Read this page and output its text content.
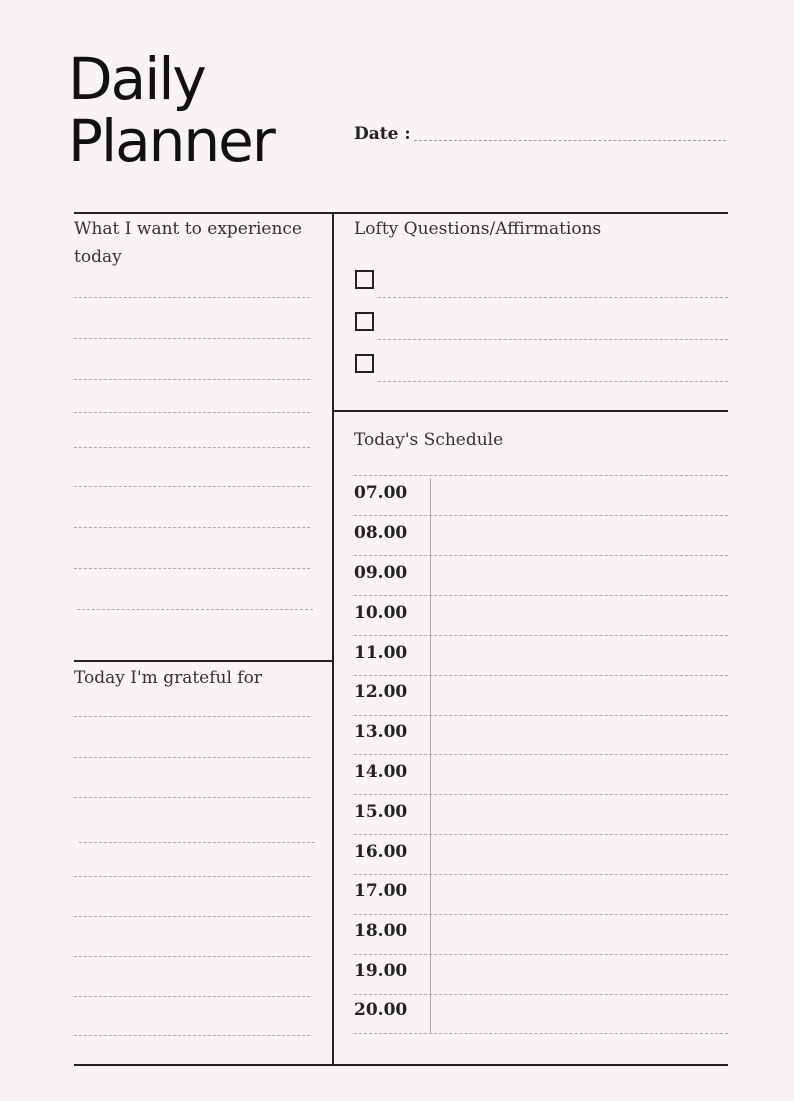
Daily
Planner	Date :
What I want to experience
today
Today I'm grateful for
Lofty Questions/Affirmations
Today's Schedule
07.00
08.00
09.00
10.00
11.00
12.00
13.00
14.00
15.00
16.00
17.00
18.00
19.00
20.00
